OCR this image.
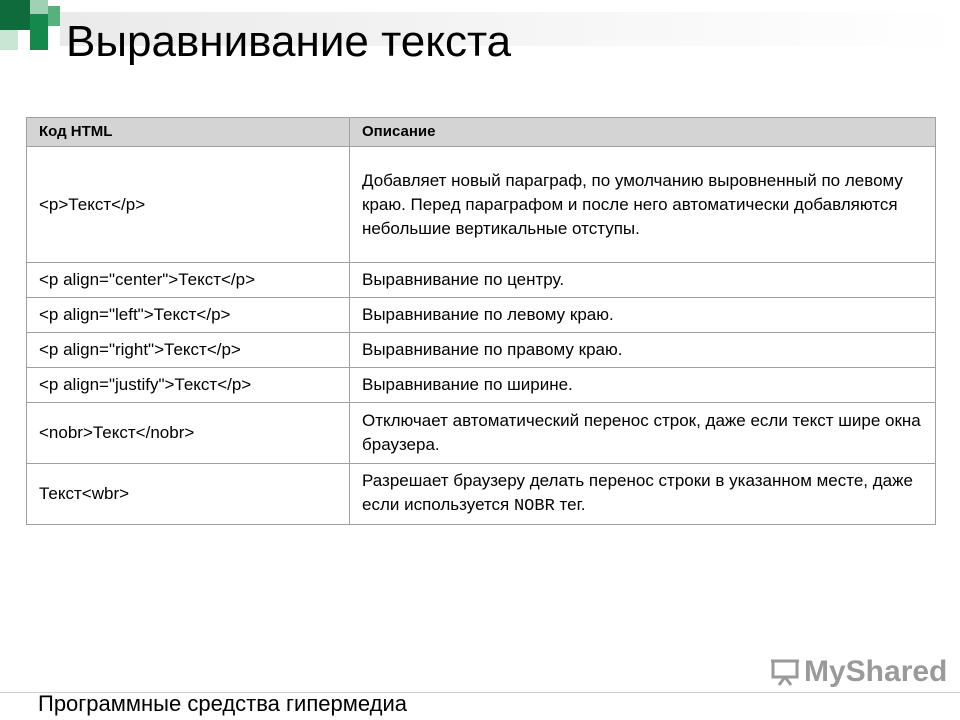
Выравнивание текста
Код HTML	Описание
<p>Текст</p>	Добавляет новый параграф, по умолчанию выровненный по левому краю. Перед параграфом и после него автоматически добавляются небольшие вертикальные отступы.
<p align="center">Текст</p>	Выравнивание по центру.
<p align="left">Текст</p>	Выравнивание по левому краю.
<p align="right">Текст</p>	Выравнивание по правому краю.
<p align="justify">Текст</p>	Выравнивание по ширине.
<nobr>Текст</nobr>	Отключает автоматический перенос строк, даже если текст шире окна браузера.
Текст<wbr>	Разрешает браузеру делать перенос строки в указанном месте, даже если используется NOBR тег.
Программные средства гипермедиа
MyShared
